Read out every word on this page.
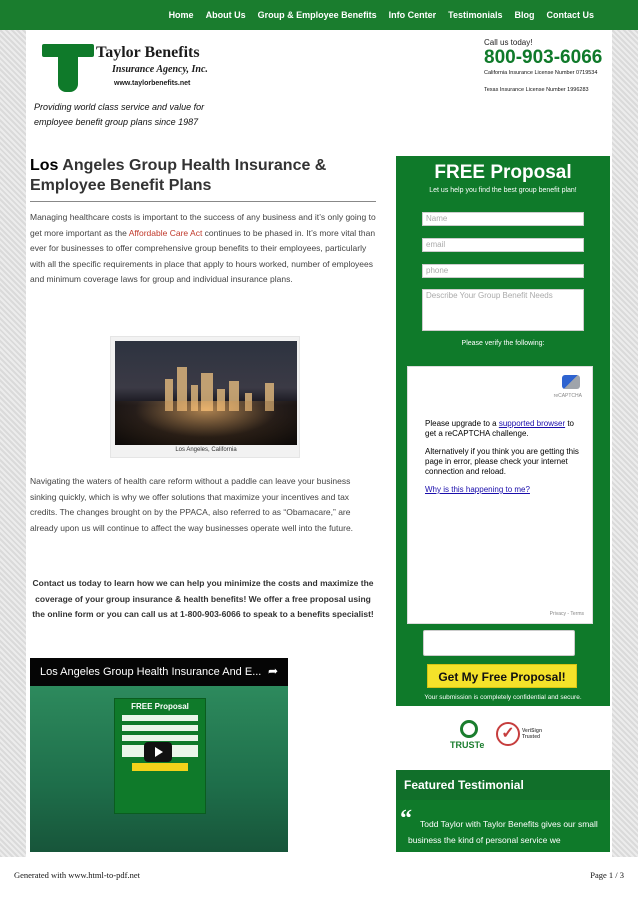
Home	About Us	Group & Employee Benefits	Info Center	Testimonials	Blog	Contact Us
Taylor Benefits
Insurance Agency, Inc.
www.taylorbenefits.net
Providing world class service and value for employee benefit group plans since 1987
Call us today!
800-903-6066
California Insurance License Number 0719534
Texas Insurance License Number 1996283
Los Angeles Group Health Insurance & Employee Benefit Plans

Managing healthcare costs is important to the success of any business and it’s only going to get more important as the Affordable Care Act continues to be phased in. It’s more vital than ever for businesses to offer comprehensive group benefits to their employees, particularly with all the specific requirements in place that apply to hours worked, number of employees and minimum coverage laws for group and individual insurance plans.

Los Angeles, California

Navigating the waters of health care reform without a paddle can leave your business sinking quickly, which is why we offer solutions that maximize your incentives and tax credits. The changes brought on by the PPACA, also referred to as “Obamacare,” are already upon us will continue to affect the way businesses operate well into the future.

Contact us today to learn how we can help you minimize the costs and maximize the coverage of your group insurance & health benefits! We offer a free proposal using the online form or you can call us at 1-800-903-6066 to speak to a benefits specialist!

Los Angeles Group Health Insurance And E... ➦
FREE Proposal
FREE Proposal
Let us help you find the best group benefit plan!
Name
email
phone
Describe Your Group Benefit Needs
Please verify the following:
reCAPTCHA

Please upgrade to a supported browser to get a reCAPTCHA challenge.

Alternatively if you think you are getting this page in error, please check your internet connection and reload.

Why is this happening to me?

Privacy - Terms
Get My Free Proposal!
Your submission is completely confidential and secure.
TRUSTe
✓	VeriSign Trusted
Featured Testimonial
“ Todd Taylor with Taylor Benefits gives our small business the kind of personal service we
Generated with www.html-to-pdf.net	Page 1 / 3
